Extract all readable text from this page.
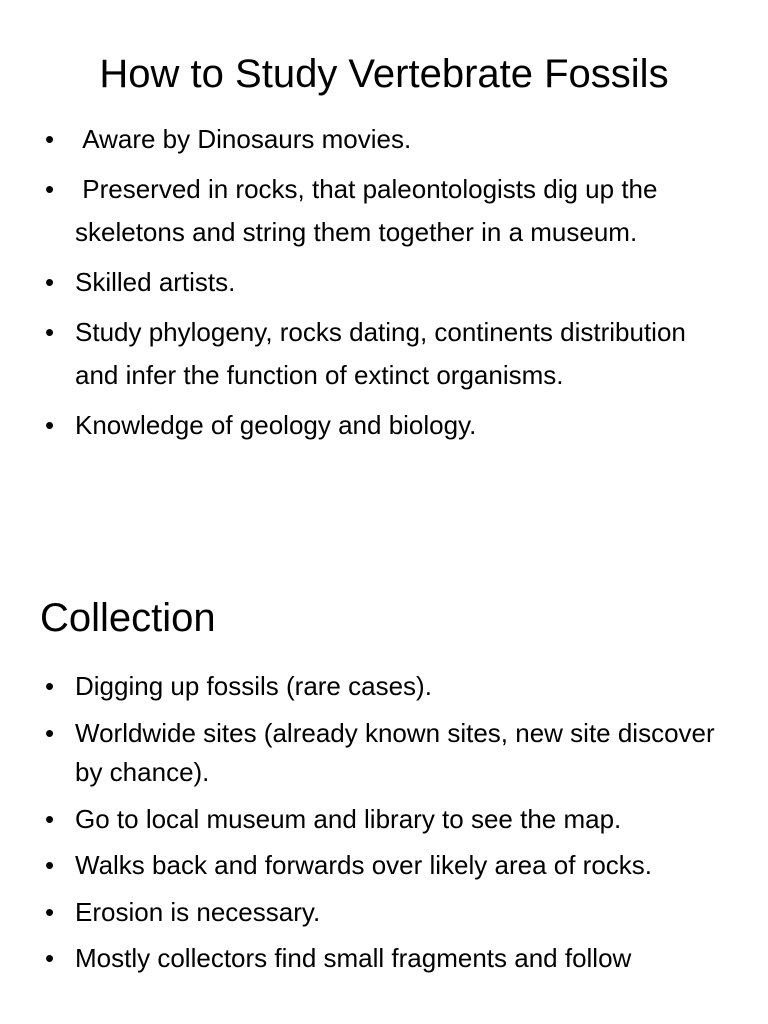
How to Study Vertebrate Fossils
• Aware by Dinosaurs movies.
• Preserved in rocks, that paleontologists dig up the skeletons and string them together in a museum.
• Skilled artists.
• Study phylogeny, rocks dating, continents distribution and infer the function of extinct organisms.
• Knowledge of geology and biology.
Collection
• Digging up fossils (rare cases).
• Worldwide sites (already known sites, new site discover by chance).
• Go to local museum and library to see the map.
• Walks back and forwards over likely area of rocks.
• Erosion is necessary.
• Mostly collectors find small fragments and follow
